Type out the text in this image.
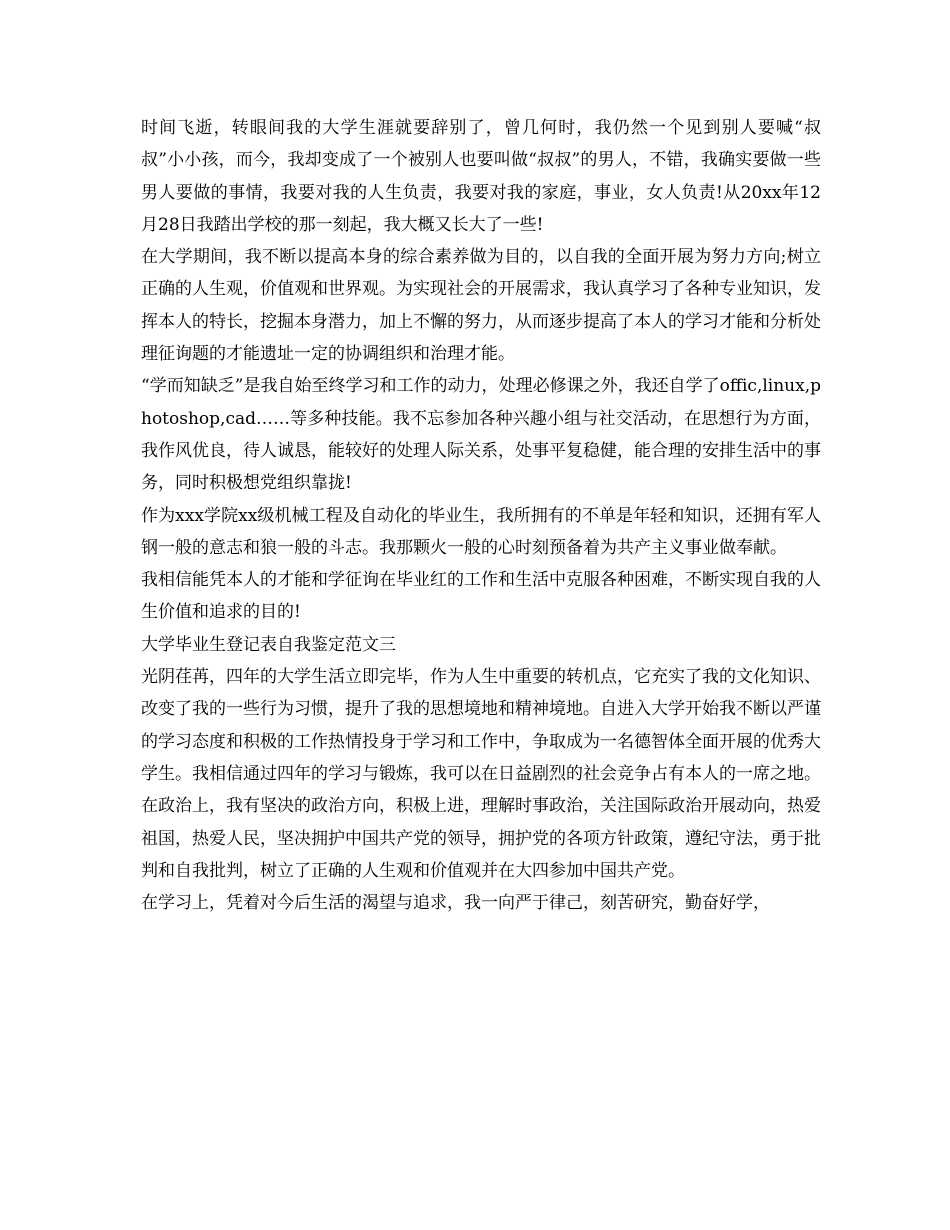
时间飞逝，转眼间我的大学生涯就要辞别了，曾几何时，我仍然一个见到别人要喊“叔叔”小小孩，而今，我却变成了一个被别人也要叫做“叔叔”的男人，不错，我确实要做一些男人要做的事情，我要对我的人生负责，我要对我的家庭，事业，女人负责!从20xx年12月28日我踏出学校的那一刻起，我大概又长大了一些!

在大学期间，我不断以提高本身的综合素养做为目的，以自我的全面开展为努力方向;树立正确的人生观，价值观和世界观。为实现社会的开展需求，我认真学习了各种专业知识，发挥本人的特长，挖掘本身潜力，加上不懈的努力，从而逐步提高了本人的学习才能和分析处理征询题的才能遗址一定的协调组织和治理才能。

“学而知缺乏”是我自始至终学习和工作的动力，处理必修课之外，我还自学了offic,linux,photoshop,cad……等多种技能。我不忘参加各种兴趣小组与社交活动，在思想行为方面，我作风优良，待人诚恳，能较好的处理人际关系，处事平复稳健，能合理的安排生活中的事务，同时积极想党组织靠拢!

作为xxx学院xx级机械工程及自动化的毕业生，我所拥有的不单是年轻和知识，还拥有军人钢一般的意志和狼一般的斗志。我那颗火一般的心时刻预备着为共产主义事业做奉献。

我相信能凭本人的才能和学征询在毕业红的工作和生活中克服各种困难，不断实现自我的人生价值和追求的目的!

大学毕业生登记表自我鉴定范文三

光阴荏苒，四年的大学生活立即完毕，作为人生中重要的转机点，它充实了我的文化知识、改变了我的一些行为习惯，提升了我的思想境地和精神境地。自进入大学开始我不断以严谨的学习态度和积极的工作热情投身于学习和工作中，争取成为一名德智体全面开展的优秀大学生。我相信通过四年的学习与锻炼，我可以在日益剧烈的社会竞争占有本人的一席之地。

在政治上，我有坚决的政治方向，积极上进，理解时事政治，关注国际政治开展动向，热爱祖国，热爱人民，坚决拥护中国共产党的领导，拥护党的各项方针政策，遵纪守法，勇于批判和自我批判，树立了正确的人生观和价值观并在大四参加中国共产党。

在学习上，凭着对今后生活的渴望与追求，我一向严于律己，刻苦研究，勤奋好学，
